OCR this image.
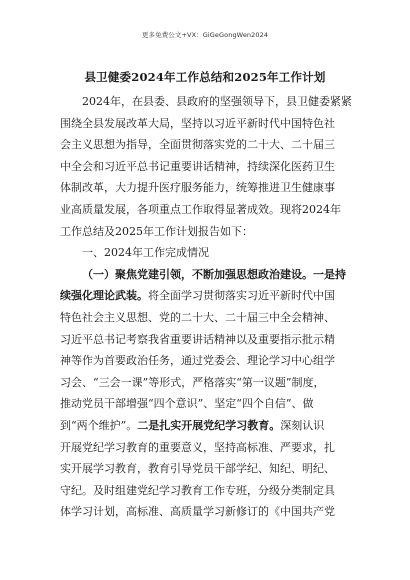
更多免费公文+VX：GiGeGongWen2024
县卫健委2024年工作总结和2025年工作计划
2024年，在县委、县政府的坚强领导下，县卫健委紧紧
围绕全县发展改革大局，坚持以习近平新时代中国特色社
会主义思想为指导，全面贯彻落实党的二十大、二十届三
中全会和习近平总书记重要讲话精神，持续深化医药卫生
体制改革，大力提升医疗服务能力，统筹推进卫生健康事
业高质量发展，各项重点工作取得显著成效。现将2024年
工作总结及2025年工作计划报告如下：
一、2024年工作完成情况
（一）聚焦党建引领，不断加强思想政治建设。一是持
续强化理论武装。将全面学习贯彻落实习近平新时代中国
特色社会主义思想、党的二十大、二十届三中全会精神、
习近平总书记考察我省重要讲话精神以及重要指示批示精
神等作为首要政治任务，通过党委会、理论学习中心组学
习会、“三会一课”等形式，严格落实“第一议题”制度，
推动党员干部增强“四个意识”、坚定“四个自信”、做
到“两个维护”。二是扎实开展党纪学习教育。深刻认识
开展党纪学习教育的重要意义，坚持高标准、严要求，扎
实开展学习教育，教育引导党员干部学纪、知纪、明纪、
守纪。及时组建党纪学习教育工作专班，分级分类制定具
体学习计划，高标准、高质量学习新修订的《中国共产党
